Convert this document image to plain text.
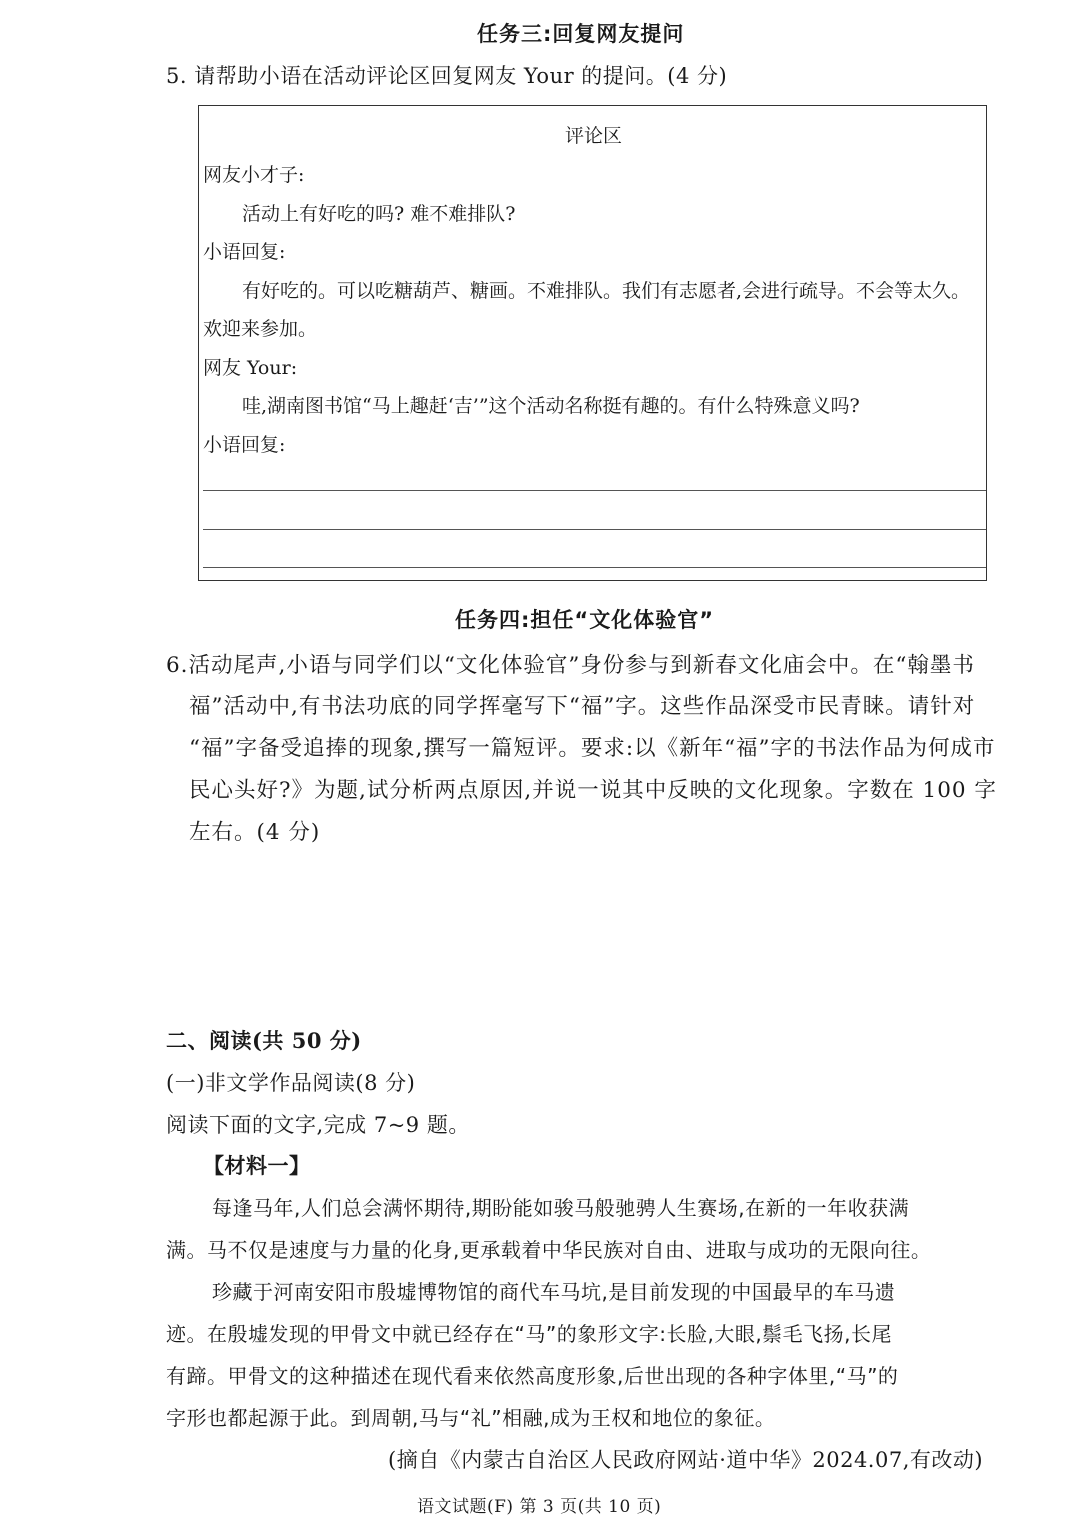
任务三:回复网友提问
5. 请帮助小语在活动评论区回复网友 Your 的提问。(4 分)
评论区
网友小才子:
活动上有好吃的吗? 难不难排队?
小语回复:
有好吃的。可以吃糖葫芦、糖画。不难排队。我们有志愿者,会进行疏导。不会等太久。
欢迎来参加。
网友 Your:
哇,湖南图书馆“马上趣赶‘吉’”这个活动名称挺有趣的。有什么特殊意义吗?
小语回复:
任务四:担任“文化体验官”
6.活动尾声,小语与同学们以“文化体验官”身份参与到新春文化庙会中。在“翰墨书
福”活动中,有书法功底的同学挥毫写下“福”字。这些作品深受市民青睐。请针对
“福”字备受追捧的现象,撰写一篇短评。要求:以《新年“福”字的书法作品为何成市
民心头好?》为题,试分析两点原因,并说一说其中反映的文化现象。字数在 100 字
左右。(4 分)
二、阅读(共 50 分)
(一)非文学作品阅读(8 分)
阅读下面的文字,完成 7~9 题。
【材料一】
每逢马年,人们总会满怀期待,期盼能如骏马般驰骋人生赛场,在新的一年收获满
满。马不仅是速度与力量的化身,更承载着中华民族对自由、进取与成功的无限向往。
珍藏于河南安阳市殷墟博物馆的商代车马坑,是目前发现的中国最早的车马遗
迹。在殷墟发现的甲骨文中就已经存在“马”的象形文字:长脸,大眼,鬃毛飞扬,长尾
有蹄。甲骨文的这种描述在现代看来依然高度形象,后世出现的各种字体里,“马”的
字形也都起源于此。到周朝,马与“礼”相融,成为王权和地位的象征。
(摘自《内蒙古自治区人民政府网站·道中华》2024.07,有改动)
语文试题(F) 第 3 页(共 10 页)
